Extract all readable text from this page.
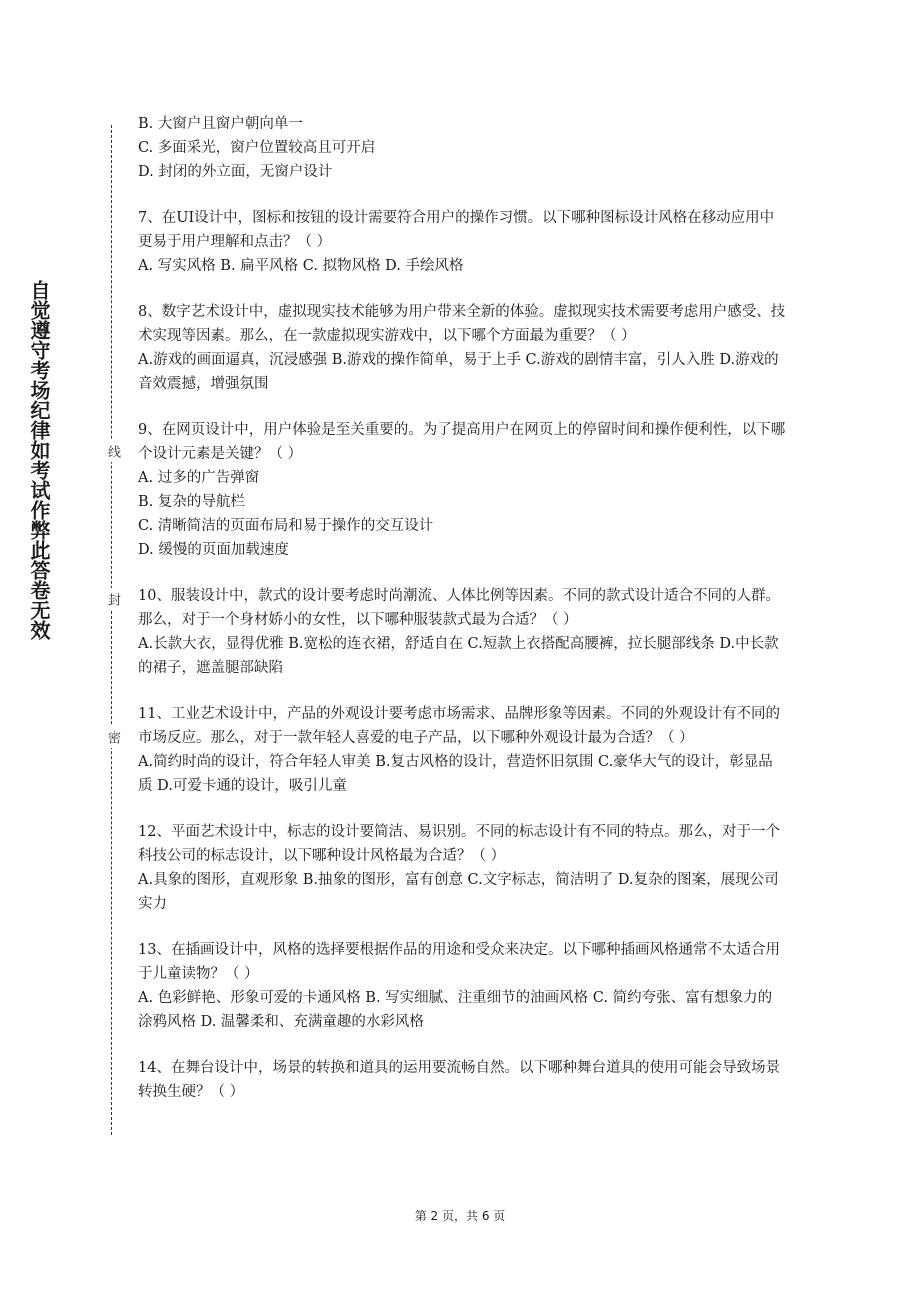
自觉遵守考场纪律如考试作弊此答卷无效	线
封
密

B. 大窗户且窗户朝向单一

C. 多面采光，窗户位置较高且可开启

D. 封闭的外立面，无窗户设计

7、在UI设计中，图标和按钮的设计需要符合用户的操作习惯。以下哪种图标设计风格在移动应用中更易于用户理解和点击？（ ）

A. 写实风格 B. 扁平风格 C. 拟物风格 D. 手绘风格

8、数字艺术设计中，虚拟现实技术能够为用户带来全新的体验。虚拟现实技术需要考虑用户感受、技术实现等因素。那么，在一款虚拟现实游戏中，以下哪个方面最为重要？（ ）

A.游戏的画面逼真，沉浸感强 B.游戏的操作简单，易于上手 C.游戏的剧情丰富，引人入胜 D.游戏的音效震撼，增强氛围

9、在网页设计中，用户体验是至关重要的。为了提高用户在网页上的停留时间和操作便利性，以下哪个设计元素是关键？（ ）

A. 过多的广告弹窗

B. 复杂的导航栏

C. 清晰简洁的页面布局和易于操作的交互设计

D. 缓慢的页面加载速度

10、服装设计中，款式的设计要考虑时尚潮流、人体比例等因素。不同的款式设计适合不同的人群。那么，对于一个身材娇小的女性，以下哪种服装款式最为合适？（ ）

A.长款大衣，显得优雅 B.宽松的连衣裙，舒适自在 C.短款上衣搭配高腰裤，拉长腿部线条 D.中长款的裙子，遮盖腿部缺陷

11、工业艺术设计中，产品的外观设计要考虑市场需求、品牌形象等因素。不同的外观设计有不同的市场反应。那么，对于一款年轻人喜爱的电子产品，以下哪种外观设计最为合适？（ ）

A.简约时尚的设计，符合年轻人审美 B.复古风格的设计，营造怀旧氛围 C.豪华大气的设计，彰显品质 D.可爱卡通的设计，吸引儿童

12、平面艺术设计中，标志的设计要简洁、易识别。不同的标志设计有不同的特点。那么，对于一个科技公司的标志设计，以下哪种设计风格最为合适？（ ）

A.具象的图形，直观形象 B.抽象的图形，富有创意 C.文字标志，简洁明了 D.复杂的图案，展现公司实力

13、在插画设计中，风格的选择要根据作品的用途和受众来决定。以下哪种插画风格通常不太适合用于儿童读物？（ ）

A. 色彩鲜艳、形象可爱的卡通风格 B. 写实细腻、注重细节的油画风格 C. 简约夸张、富有想象力的涂鸦风格 D. 温馨柔和、充满童趣的水彩风格

14、在舞台设计中，场景的转换和道具的运用要流畅自然。以下哪种舞台道具的使用可能会导致场景转换生硬？（ ）

第 2 页，共 6 页
